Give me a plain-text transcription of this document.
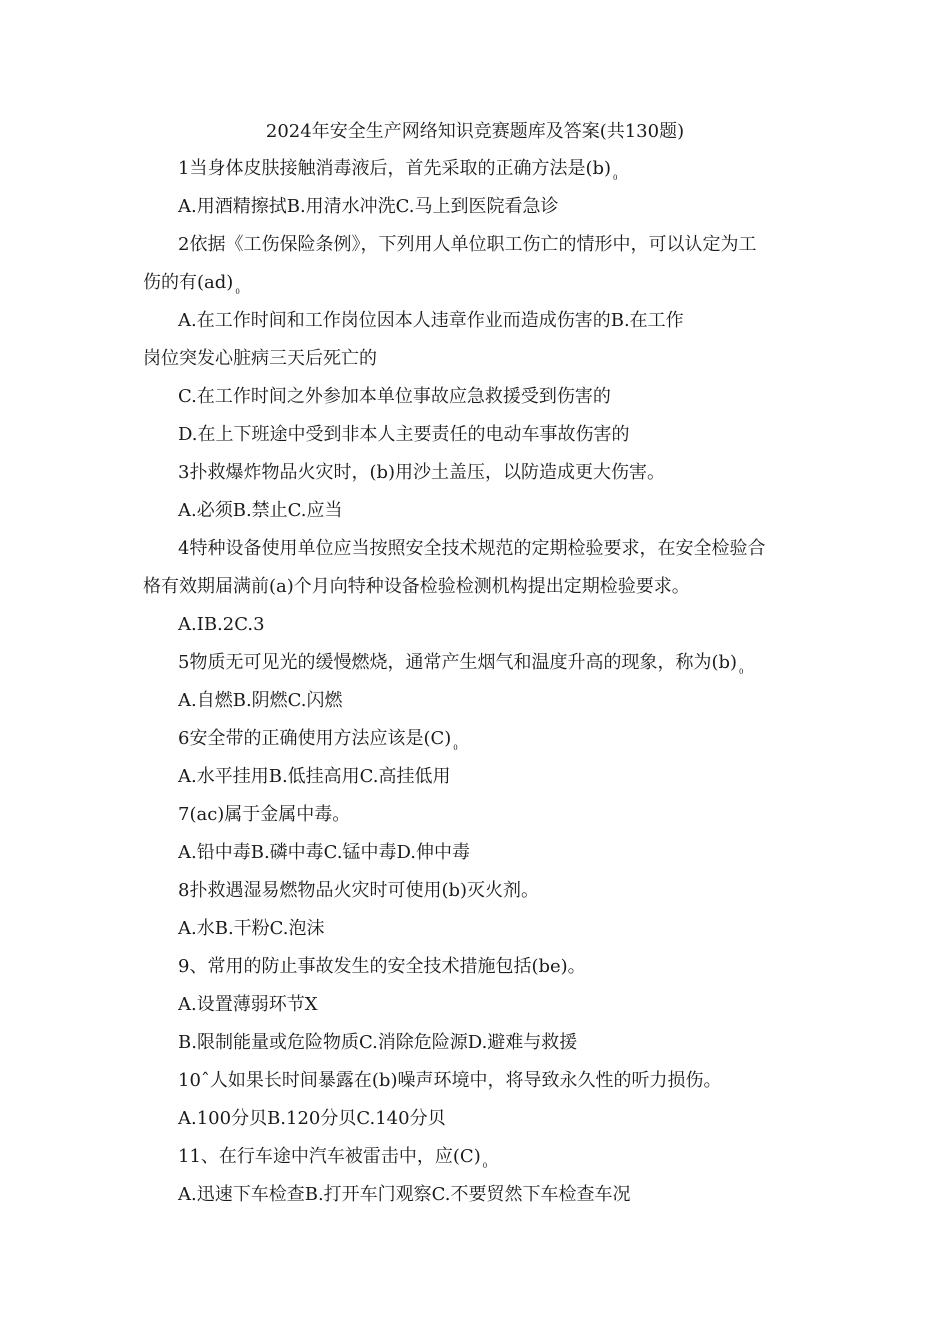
2024年安全生产网络知识竞赛题库及答案(共130题)
1当身体皮肤接触消毒液后，首先采取的正确方法是(b) $_0$
A.用酒精擦拭B.用清水冲洗C.马上到医院看急诊
2依据《工伤保险条例》，下列用人单位职工伤亡的情形中，可以认定为工
伤的有(ad) $_0$
A.在工作时间和工作岗位因本人违章作业而造成伤害的B.在工作
岗位突发心脏病三天后死亡的
C.在工作时间之外参加本单位事故应急救援受到伤害的
D.在上下班途中受到非本人主要责任的电动车事故伤害的
3扑救爆炸物品火灾时，(b)用沙土盖压，以防造成更大伤害。
A.必须B.禁止C.应当
4特种设备使用单位应当按照安全技术规范的定期检验要求，在安全检验合
格有效期届满前(a)个月向特种设备检验检测机构提出定期检验要求。
A.IB.2C.3
5物质无可见光的缓慢燃烧，通常产生烟气和温度升高的现象，称为(b) $_0$
A.自燃B.阴燃C.闪燃
6安全带的正确使用方法应该是(C) $_0$
A.水平挂用B.低挂高用C.高挂低用
7(ac)属于金属中毒。
A.铅中毒B.磷中毒C.锰中毒D.伸中毒
8扑救遇湿易燃物品火灾时可使用(b)灭火剂。
A.水B.干粉C.泡沫
9、常用的防止事故发生的安全技术措施包括(be)。
A.设置薄弱环节X
B.限制能量或危险物质C.消除危险源D.避难与救援
10ˆ人如果长时间暴露在(b)噪声环境中，将导致永久性的听力损伤。
A.100分贝B.120分贝C.140分贝
11、在行车途中汽车被雷击中，应(C) $_0$
A.迅速下车检查B.打开车门观察C.不要贸然下车检查车况
